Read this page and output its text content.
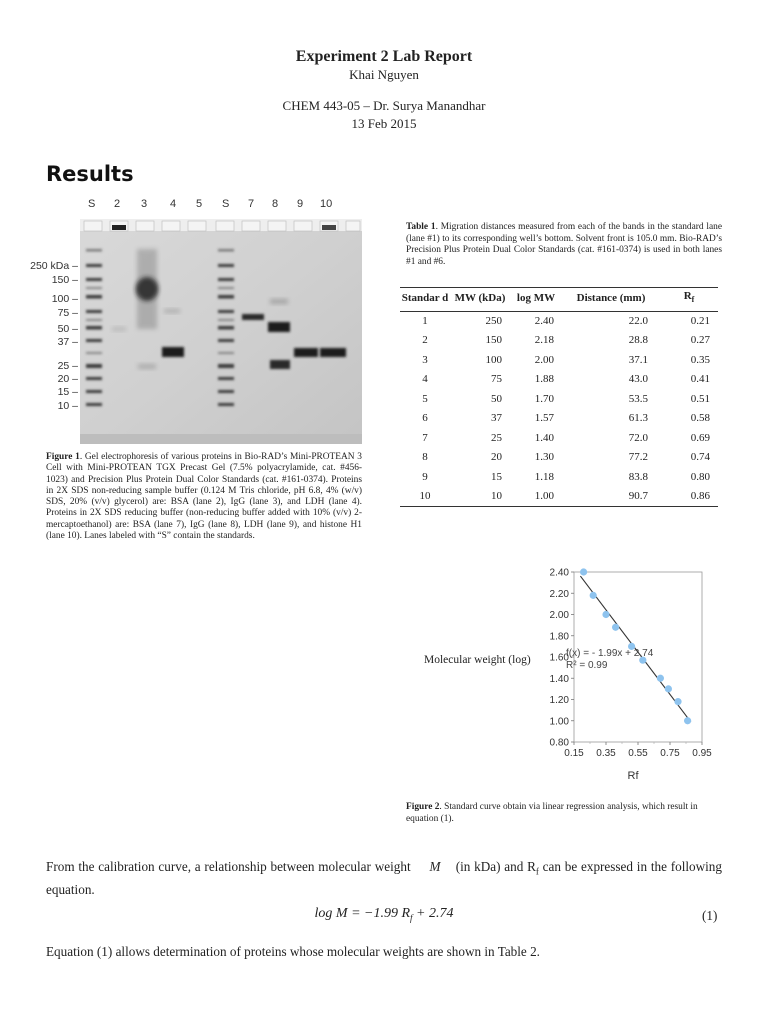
Experiment 2 Lab Report
Khai Nguyen
CHEM 443-05 – Dr. Surya Manandhar
13 Feb 2015
Results
S 2 3 4 5 S 7 8 9 10
250 kDa –
150 –
100 –
75 –
50 –
37 –
25 –
20 –
15 –
10 –

Figure 1. Gel electrophoresis of various proteins in Bio-RAD’s Mini-PROTEAN 3 Cell with Mini-PROTEAN TGX Precast Gel (7.5% polyacrylamide, cat. #456-1023) and Precision Plus Protein Dual Color Standards (cat. #161-0374). Proteins in 2X SDS non-reducing sample buffer (0.124 M Tris chloride, pH 6.8, 4% (w/v) SDS, 20% (v/v) glycerol) are: BSA (lane 2), IgG (lane 3), and LDH (lane 4). Proteins in 2X SDS reducing buffer (non-reducing buffer added with 10% (v/v) 2-mercaptoethanol) are: BSA (lane 7), IgG (lane 8), LDH (lane 9), and histone H1 (lane 10). Lanes labeled with “S” contain the standards.

Table 1. Migration distances measured from each of the bands in the standard lane (lane #1) to its corresponding well’s bottom. Solvent front is 105.0 mm. Bio-RAD’s Precision Plus Protein Dual Color Standards (cat. #161-0374) is used in both lanes #1 and #6.

Standar d	MW (kDa)	log MW	Distance (mm)	$R_f$
1	250	2.40	22.0	0.21
2	150	2.18	28.8	0.27
3	100	2.00	37.1	0.35
4	75	1.88	43.0	0.41
5	50	1.70	53.5	0.51
6	37	1.57	61.3	0.58
7	25	1.40	72.0	0.69
8	20	1.30	77.2	0.74
9	15	1.18	83.8	0.80
10	10	1.00	90.7	0.86
Molecular weight (log)
0.80
1.00
1.20
1.40
1.60
1.80
2.00
2.20
2.40
0.15 0.35 0.55 0.75 0.95
f(x) = - 1.99x + 2.74
R² = 0.99
Rf

Figure 2. Standard curve obtain via linear regression analysis, which result in equation (1).

From the calibration curve, a relationship between molecular weight M (in kDa) and $R_f$ can be expressed in the following equation.

log M = −1.99 $R_f + 2.74$	(1)

Equation (1) allows determination of proteins whose molecular weights are shown in Table 2.
